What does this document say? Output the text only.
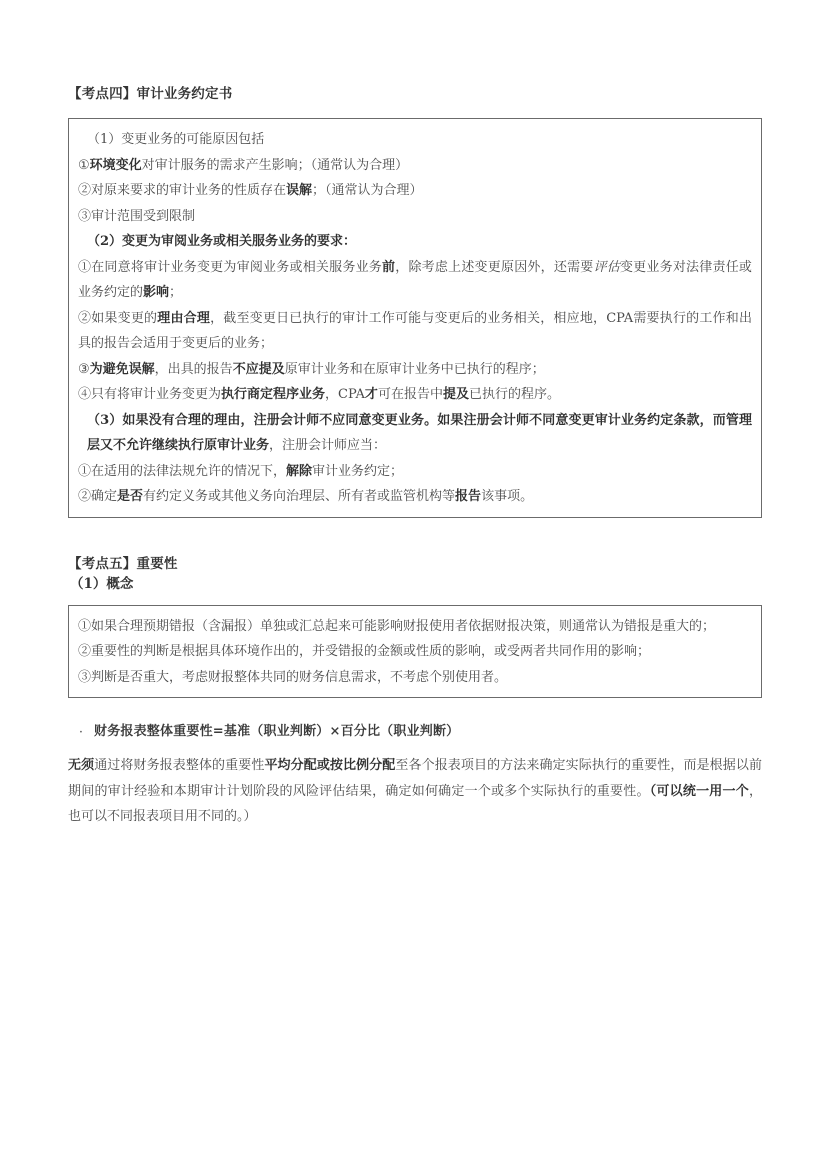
【考点四】审计业务约定书

（1）变更业务的可能原因包括

①环境变化对审计服务的需求产生影响；（通常认为合理）

②对原来要求的审计业务的性质存在误解；（通常认为合理）

③审计范围受到限制

（2）变更为审阅业务或相关服务业务的要求：

①在同意将审计业务变更为审阅业务或相关服务业务前，除考虑上述变更原因外，还需要评估变更业务对法律责任或业务约定的影响；

②如果变更的理由合理，截至变更日已执行的审计工作可能与变更后的业务相关，相应地，CPA需要执行的工作和出具的报告会适用于变更后的业务；

③为避免误解，出具的报告不应提及原审计业务和在原审计业务中已执行的程序；

④只有将审计业务变更为执行商定程序业务，CPA才可在报告中提及已执行的程序。

（3）如果没有合理的理由，注册会计师不应同意变更业务。如果注册会计师不同意变更审计业务约定条款，而管理层又不允许继续执行原审计业务，注册会计师应当：

①在适用的法律法规允许的情况下，解除审计业务约定；

②确定是否有约定义务或其他义务向治理层、所有者或监管机构等报告该事项。

【考点五】重要性
（1）概念

①如果合理预期错报（含漏报）单独或汇总起来可能影响财报使用者依据财报决策，则通常认为错报是重大的；

②重要性的判断是根据具体环境作出的，并受错报的金额或性质的影响，或受两者共同作用的影响；

③判断是否重大，考虑财报整体共同的财务信息需求，不考虑个别使用者。

· 财务报表整体重要性=基准（职业判断）×百分比（职业判断）

无须通过将财务报表整体的重要性平均分配或按比例分配至各个报表项目的方法来确定实际执行的重要性，而是根据以前期间的审计经验和本期审计计划阶段的风险评估结果，确定如何确定一个或多个实际执行的重要性。（可以统一用一个，也可以不同报表项目用不同的。）
